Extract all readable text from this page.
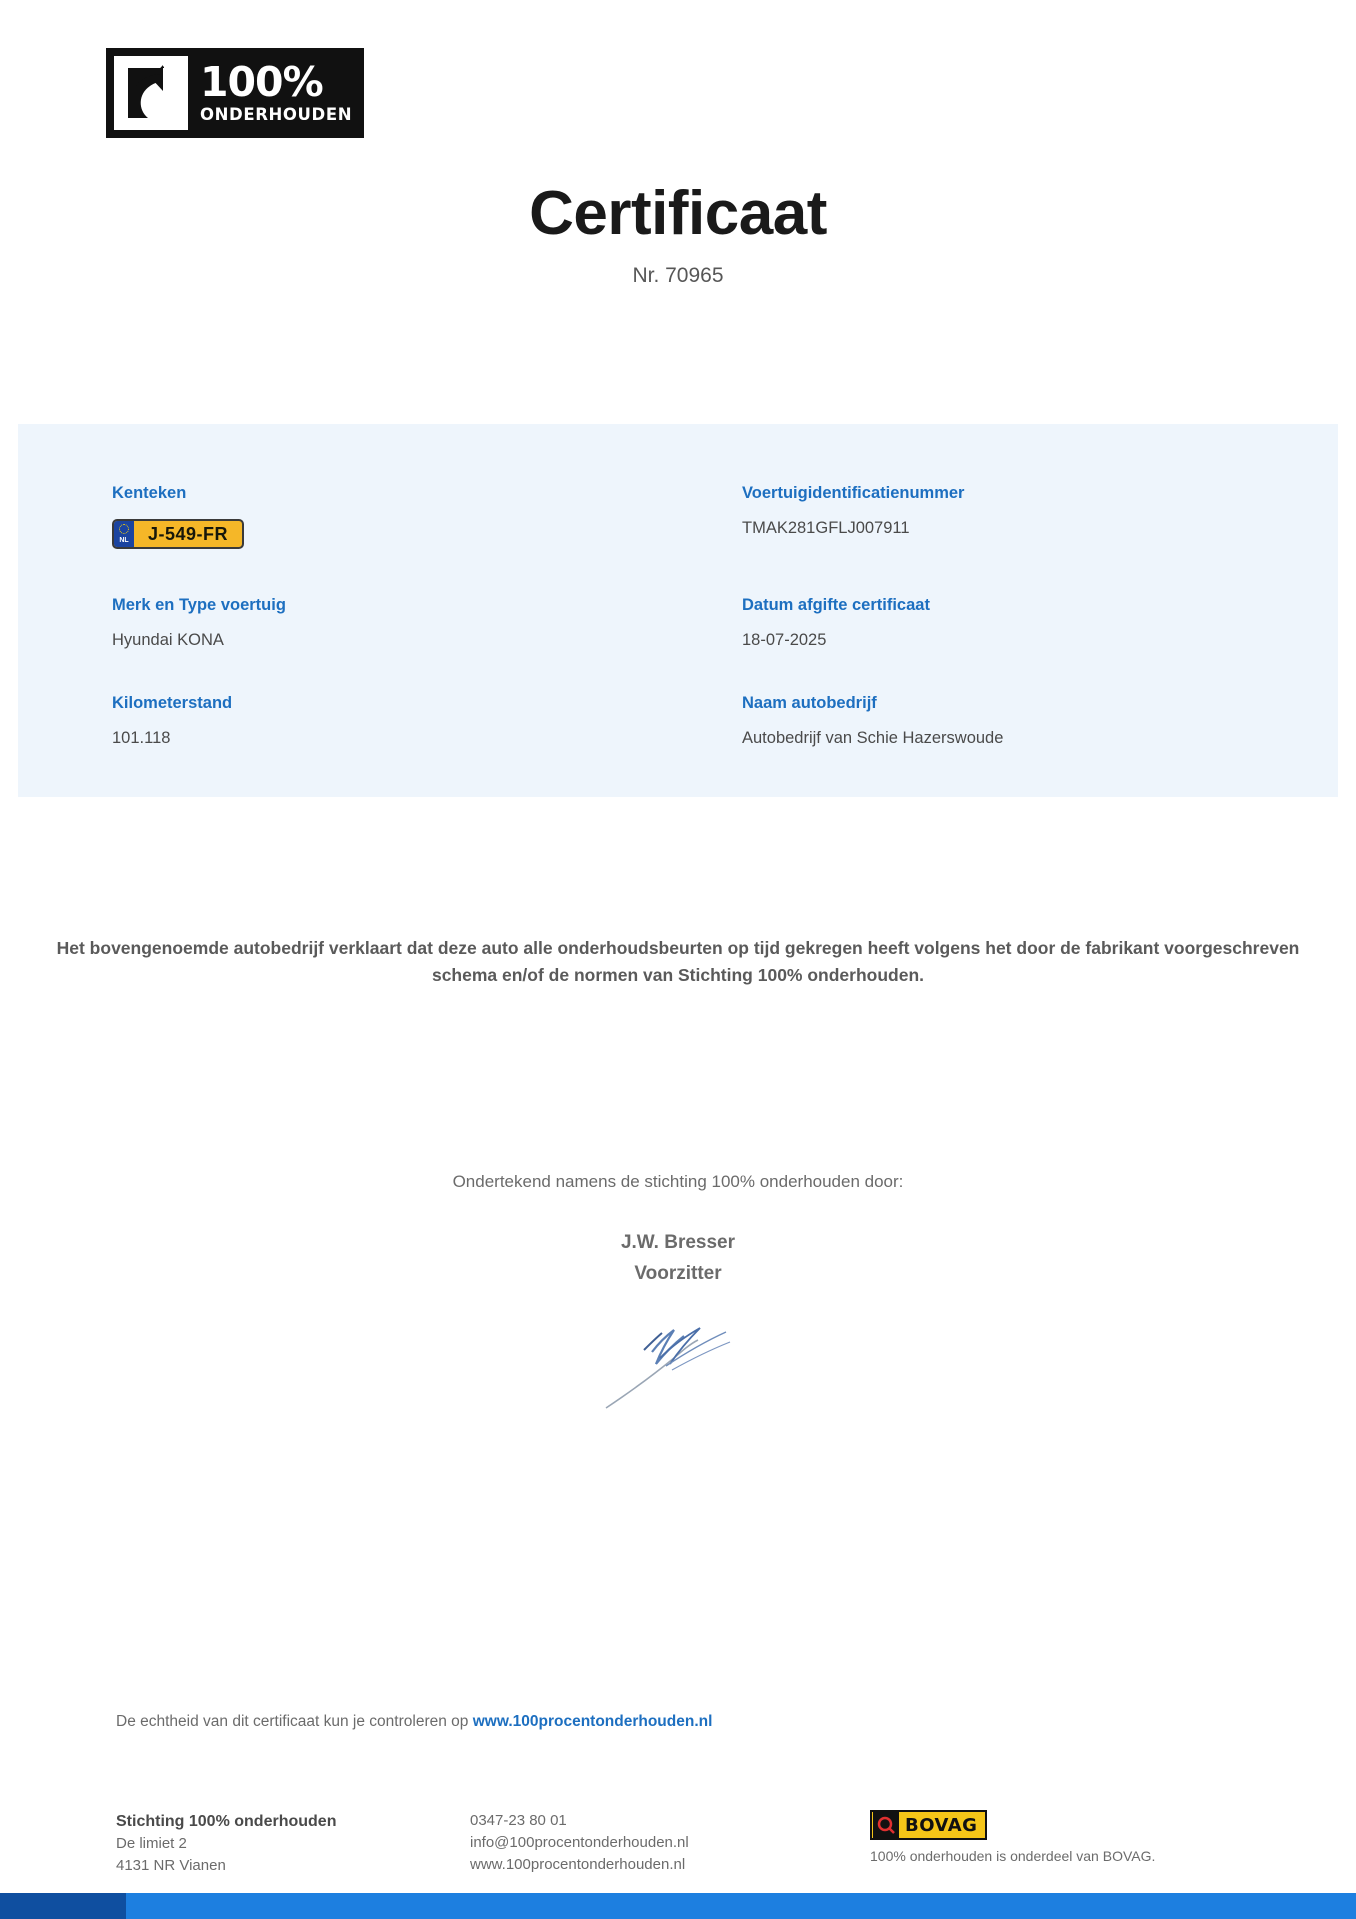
100%
ONDERHOUDEN
Certificaat
Nr. 70965
Kenteken
NL	J-549-FR
Voertuigidentificatienummer
TMAK281GFLJ007911
Merk en Type voertuig
Hyundai KONA
Datum afgifte certificaat
18-07-2025
Kilometerstand
101.118
Naam autobedrijf
Autobedrijf van Schie Hazerswoude
Het bovengenoemde autobedrijf verklaart dat deze auto alle onderhoudsbeurten op tijd gekregen heeft volgens het door de fabrikant voorgeschreven schema en/of de normen van Stichting 100% onderhouden.
Ondertekend namens de stichting 100% onderhouden door:
J.W. Bresser
Voorzitter
De echtheid van dit certificaat kun je controleren op www.100procentonderhouden.nl
Stichting 100% onderhouden
De limiet 2
4131 NR Vianen
0347-23 80 01
info@100procentonderhouden.nl
www.100procentonderhouden.nl
BOVAG
100% onderhouden is onderdeel van BOVAG.
